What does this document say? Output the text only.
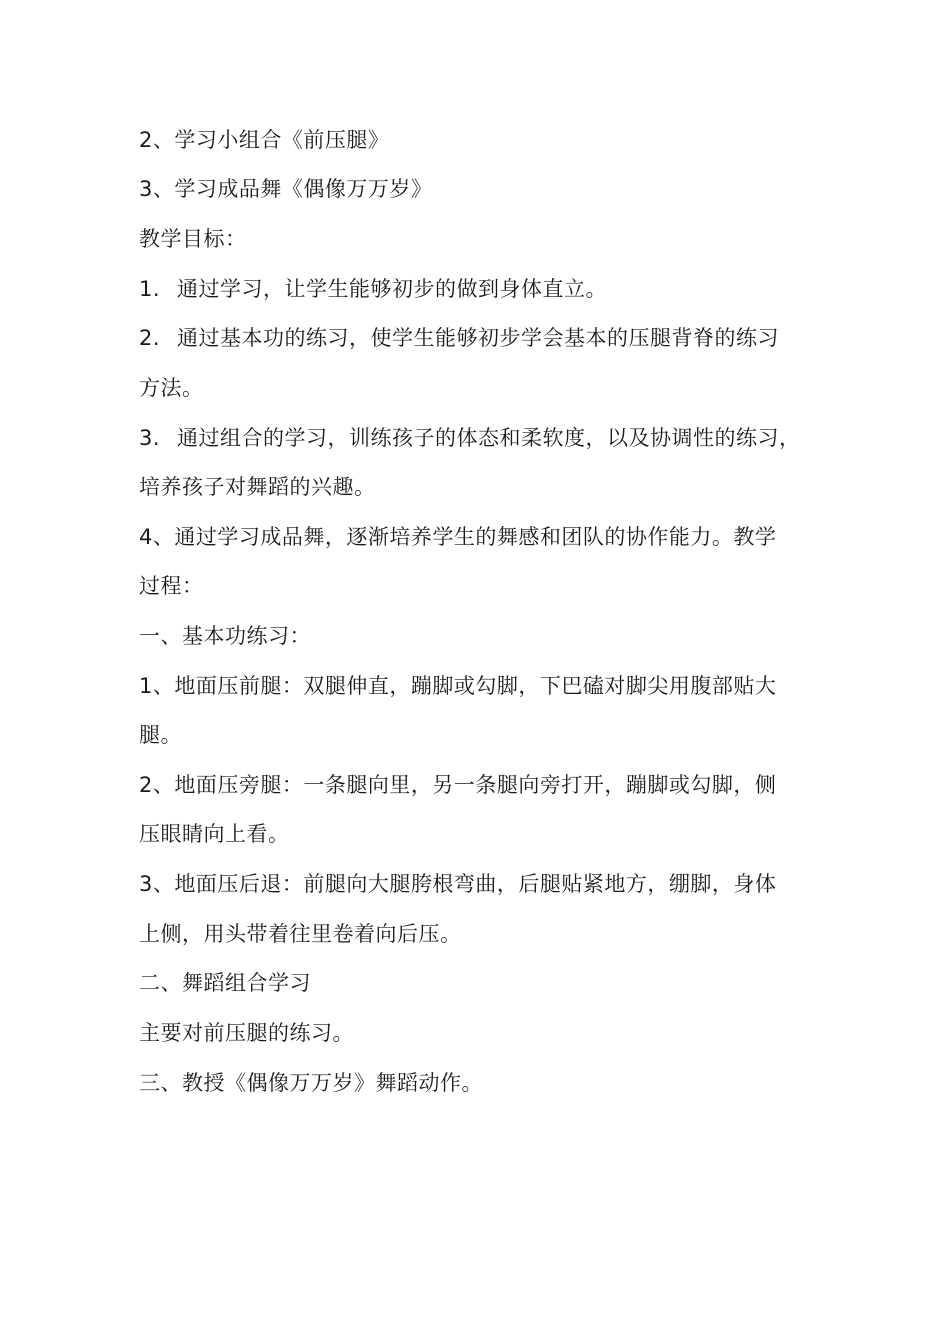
2、学习小组合《前压腿》
3、学习成品舞《偶像万万岁》
教学目标：
1. 通过学习，让学生能够初步的做到身体直立。
2. 通过基本功的练习，使学生能够初步学会基本的压腿背脊的练习
方法。
3. 通过组合的学习，训练孩子的体态和柔软度，以及协调性的练习，
培养孩子对舞蹈的兴趣。
4、通过学习成品舞，逐渐培养学生的舞感和团队的协作能力。教学
过程：
一、基本功练习：
1、地面压前腿：双腿伸直，蹦脚或勾脚，下巴磕对脚尖用腹部贴大
腿。
2、地面压旁腿：一条腿向里，另一条腿向旁打开，蹦脚或勾脚，侧
压眼睛向上看。
3、地面压后退：前腿向大腿胯根弯曲，后腿贴紧地方，绷脚，身体
上侧，用头带着往里卷着向后压。
二、舞蹈组合学习
主要对前压腿的练习。
三、教授《偶像万万岁》舞蹈动作。
